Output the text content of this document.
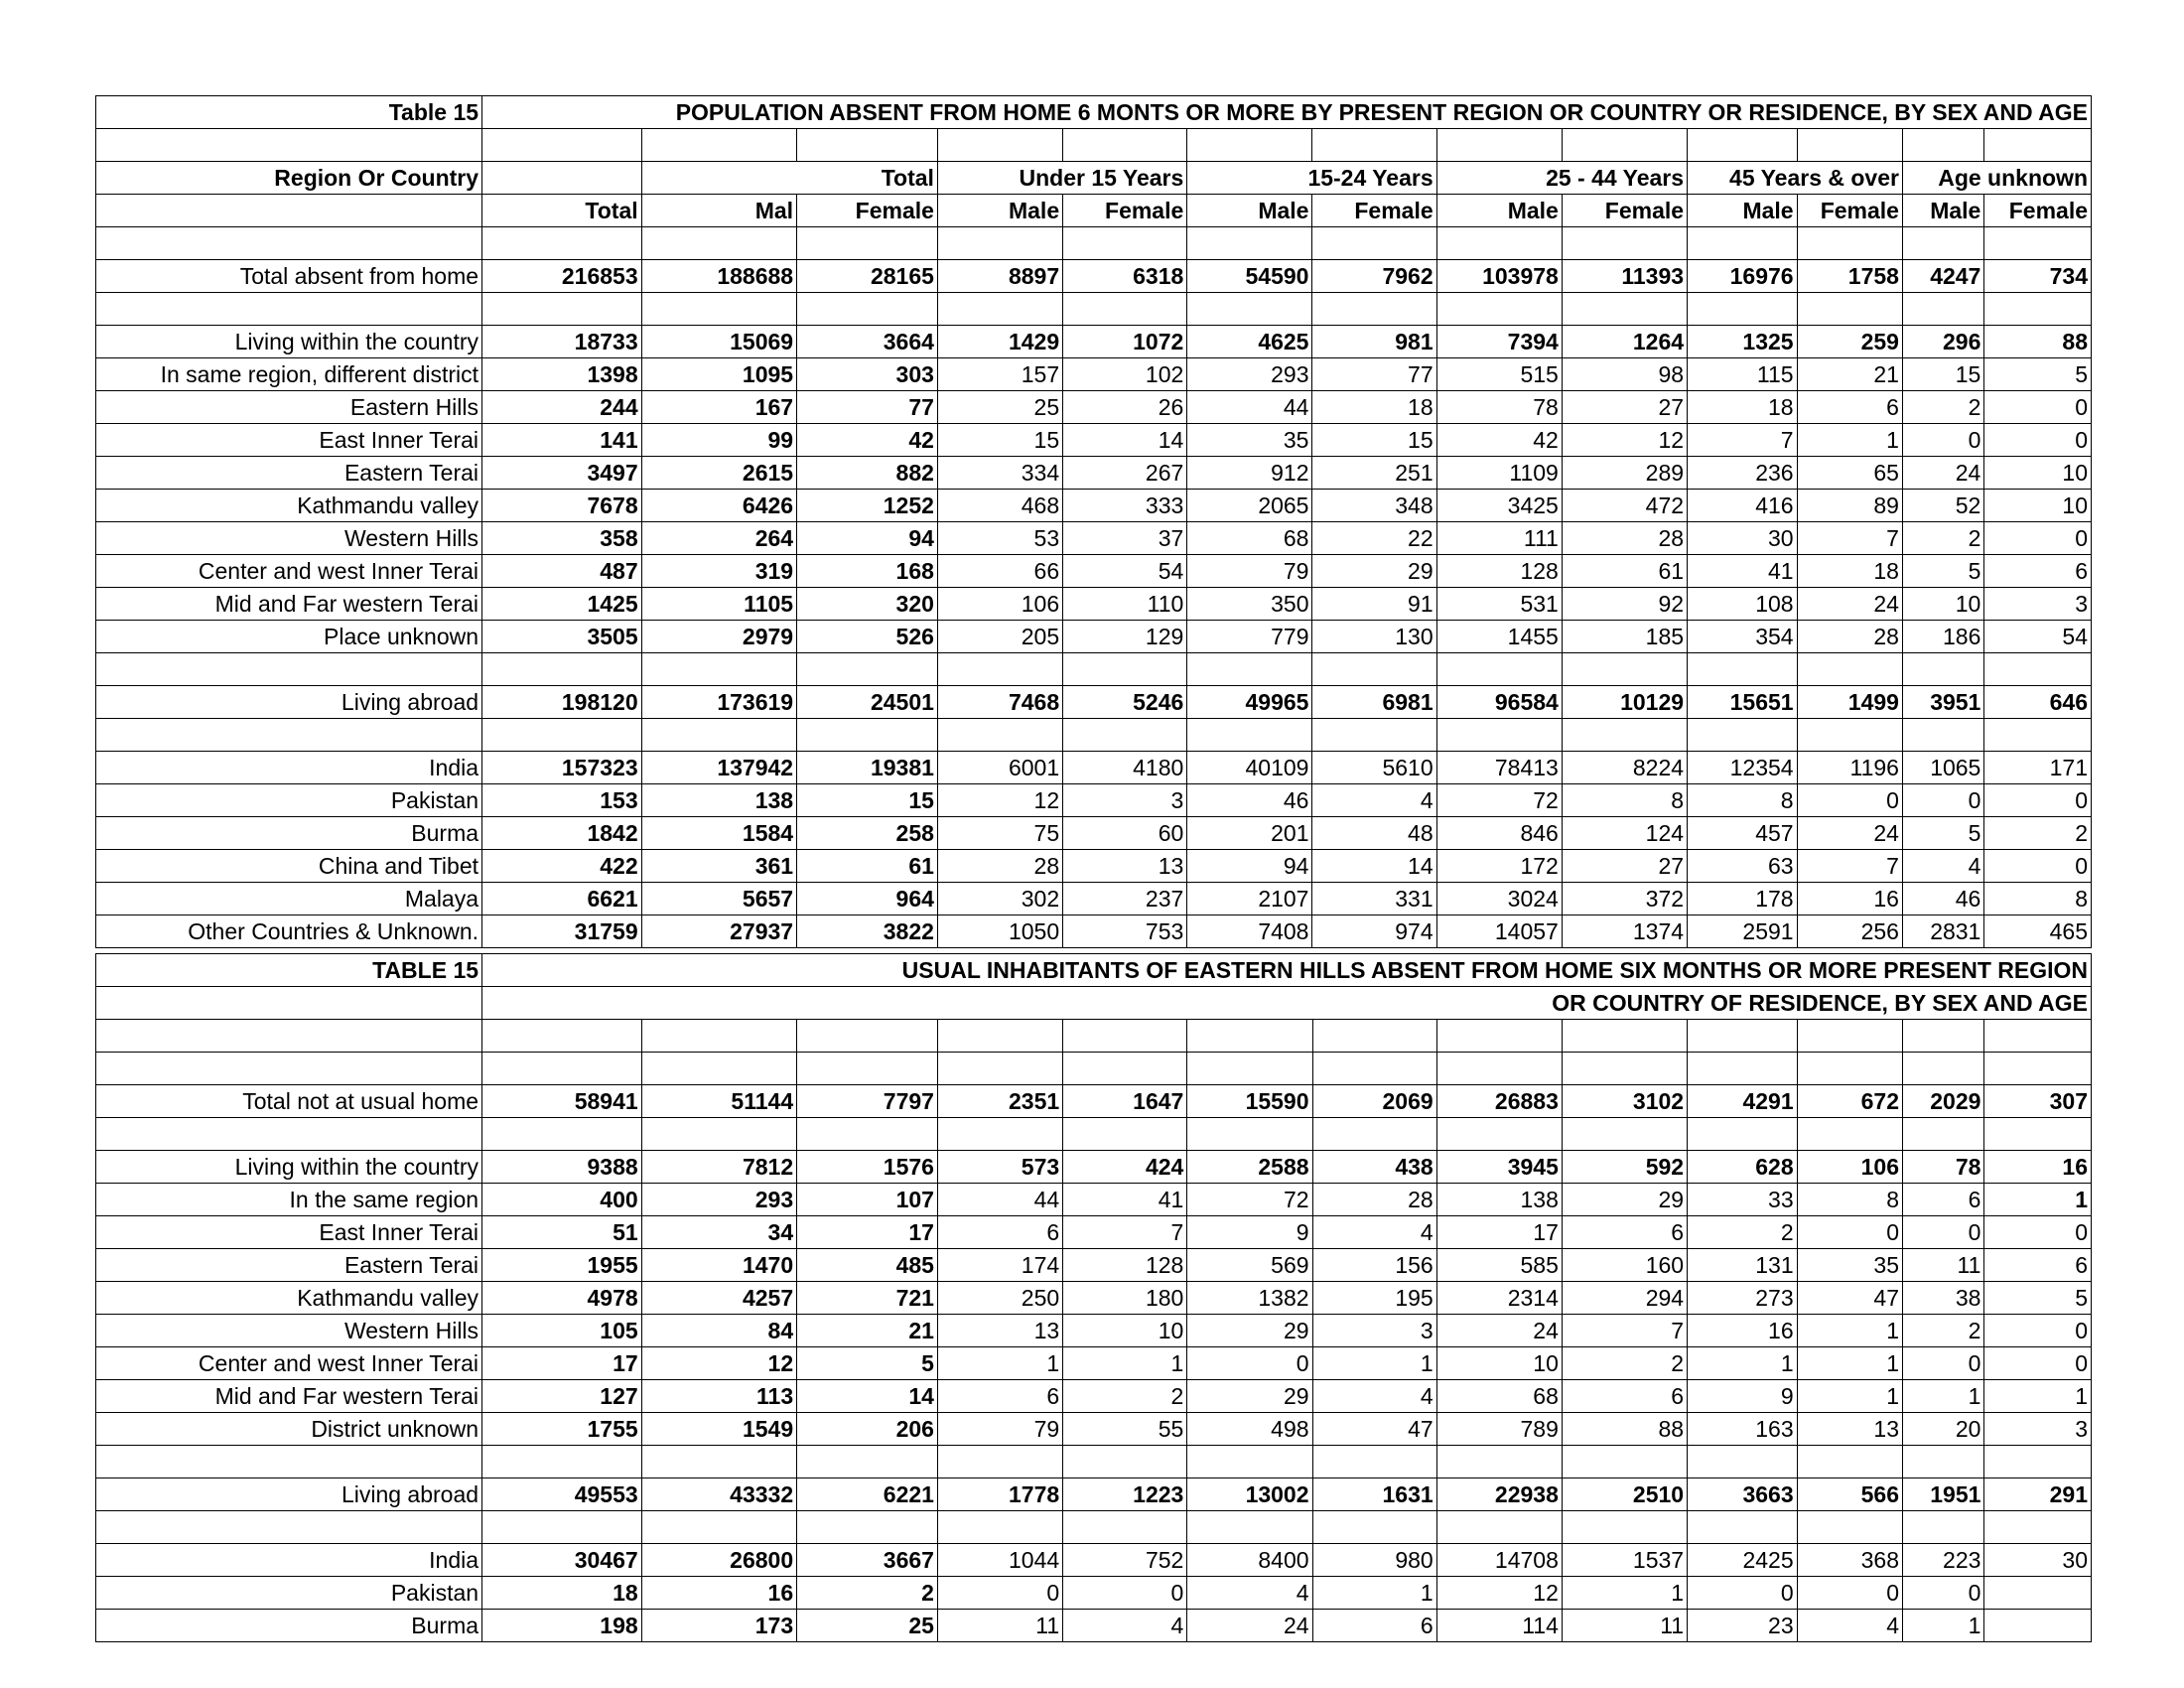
Table 15	POPULATION ABSENT FROM HOME 6 MONTS OR MORE BY PRESENT REGION OR COUNTRY OR RESIDENCE, BY SEX AND AGE												

Region Or Country		Total		Under 15 Years		15-24 Years		25 - 44 Years		45 Years & over		Age unknown	
	Total	Mal	Female	Male	Female	Male	Female	Male	Female	Male	Female	Male	Female

Total absent from home	216853	188688	28165	8897	6318	54590	7962	103978	11393	16976	1758	4247	734

Living within the country	18733	15069	3664	1429	1072	4625	981	7394	1264	1325	259	296	88
In same region, different district	1398	1095	303	157	102	293	77	515	98	115	21	15	5
Eastern Hills	244	167	77	25	26	44	18	78	27	18	6	2	0
East Inner Terai	141	99	42	15	14	35	15	42	12	7	1	0	0
Eastern Terai	3497	2615	882	334	267	912	251	1109	289	236	65	24	10
Kathmandu valley	7678	6426	1252	468	333	2065	348	3425	472	416	89	52	10
Western Hills	358	264	94	53	37	68	22	111	28	30	7	2	0
Center and west Inner Terai	487	319	168	66	54	79	29	128	61	41	18	5	6
Mid and Far western Terai	1425	1105	320	106	110	350	91	531	92	108	24	10	3
Place unknown	3505	2979	526	205	129	779	130	1455	185	354	28	186	54

Living abroad	198120	173619	24501	7468	5246	49965	6981	96584	10129	15651	1499	3951	646

India	157323	137942	19381	6001	4180	40109	5610	78413	8224	12354	1196	1065	171
Pakistan	153	138	15	12	3	46	4	72	8	8	0	0	0
Burma	1842	1584	258	75	60	201	48	846	124	457	24	5	2
China and Tibet	422	361	61	28	13	94	14	172	27	63	7	4	0
Malaya	6621	5657	964	302	237	2107	331	3024	372	178	16	46	8
Other Countries & Unknown.	31759	27937	3822	1050	753	7408	974	14057	1374	2591	256	2831	465
TABLE 15	USUAL INHABITANTS OF EASTERN HILLS ABSENT FROM HOME SIX MONTHS OR MORE PRESENT REGION												
	OR COUNTRY OF RESIDENCE, BY SEX AND AGE												

Total not at usual home	58941	51144	7797	2351	1647	15590	2069	26883	3102	4291	672	2029	307

Living within the country	9388	7812	1576	573	424	2588	438	3945	592	628	106	78	16
In the same region	400	293	107	44	41	72	28	138	29	33	8	6	1
East Inner Terai	51	34	17	6	7	9	4	17	6	2	0	0	0
Eastern Terai	1955	1470	485	174	128	569	156	585	160	131	35	11	6
Kathmandu valley	4978	4257	721	250	180	1382	195	2314	294	273	47	38	5
Western Hills	105	84	21	13	10	29	3	24	7	16	1	2	0
Center and west Inner Terai	17	12	5	1	1	0	1	10	2	1	1	0	0
Mid and Far western Terai	127	113	14	6	2	29	4	68	6	9	1	1	1
District unknown	1755	1549	206	79	55	498	47	789	88	163	13	20	3

Living abroad	49553	43332	6221	1778	1223	13002	1631	22938	2510	3663	566	1951	291

India	30467	26800	3667	1044	752	8400	980	14708	1537	2425	368	223	30
Pakistan	18	16	2	0	0	4	1	12	1	0	0	0	
Burma	198	173	25	11	4	24	6	114	11	23	4	1	
